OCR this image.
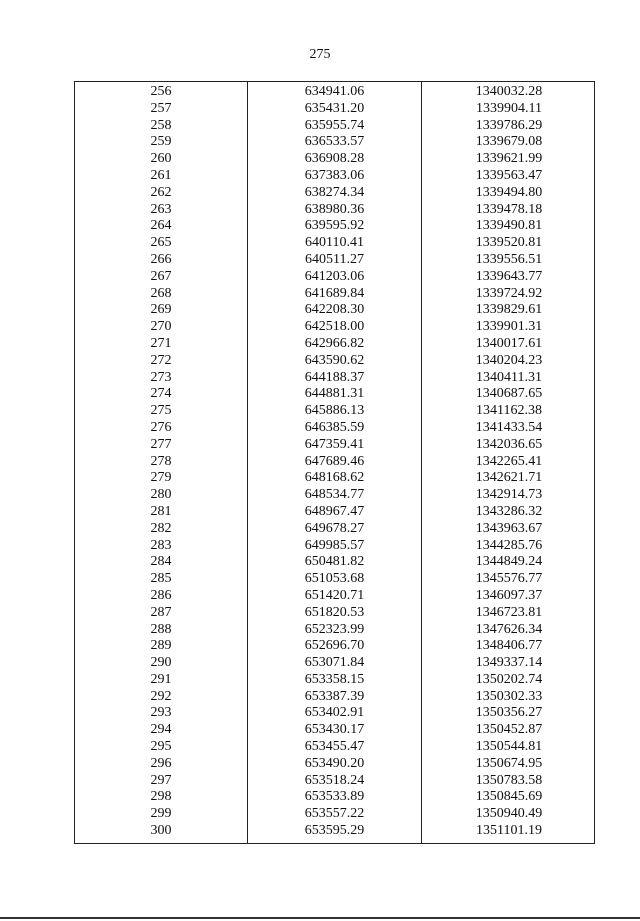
275
256	634941.06	1340032.28
257	635431.20	1339904.11
258	635955.74	1339786.29
259	636533.57	1339679.08
260	636908.28	1339621.99
261	637383.06	1339563.47
262	638274.34	1339494.80
263	638980.36	1339478.18
264	639595.92	1339490.81
265	640110.41	1339520.81
266	640511.27	1339556.51
267	641203.06	1339643.77
268	641689.84	1339724.92
269	642208.30	1339829.61
270	642518.00	1339901.31
271	642966.82	1340017.61
272	643590.62	1340204.23
273	644188.37	1340411.31
274	644881.31	1340687.65
275	645886.13	1341162.38
276	646385.59	1341433.54
277	647359.41	1342036.65
278	647689.46	1342265.41
279	648168.62	1342621.71
280	648534.77	1342914.73
281	648967.47	1343286.32
282	649678.27	1343963.67
283	649985.57	1344285.76
284	650481.82	1344849.24
285	651053.68	1345576.77
286	651420.71	1346097.37
287	651820.53	1346723.81
288	652323.99	1347626.34
289	652696.70	1348406.77
290	653071.84	1349337.14
291	653358.15	1350202.74
292	653387.39	1350302.33
293	653402.91	1350356.27
294	653430.17	1350452.87
295	653455.47	1350544.81
296	653490.20	1350674.95
297	653518.24	1350783.58
298	653533.89	1350845.69
299	653557.22	1350940.49
300	653595.29	1351101.19
